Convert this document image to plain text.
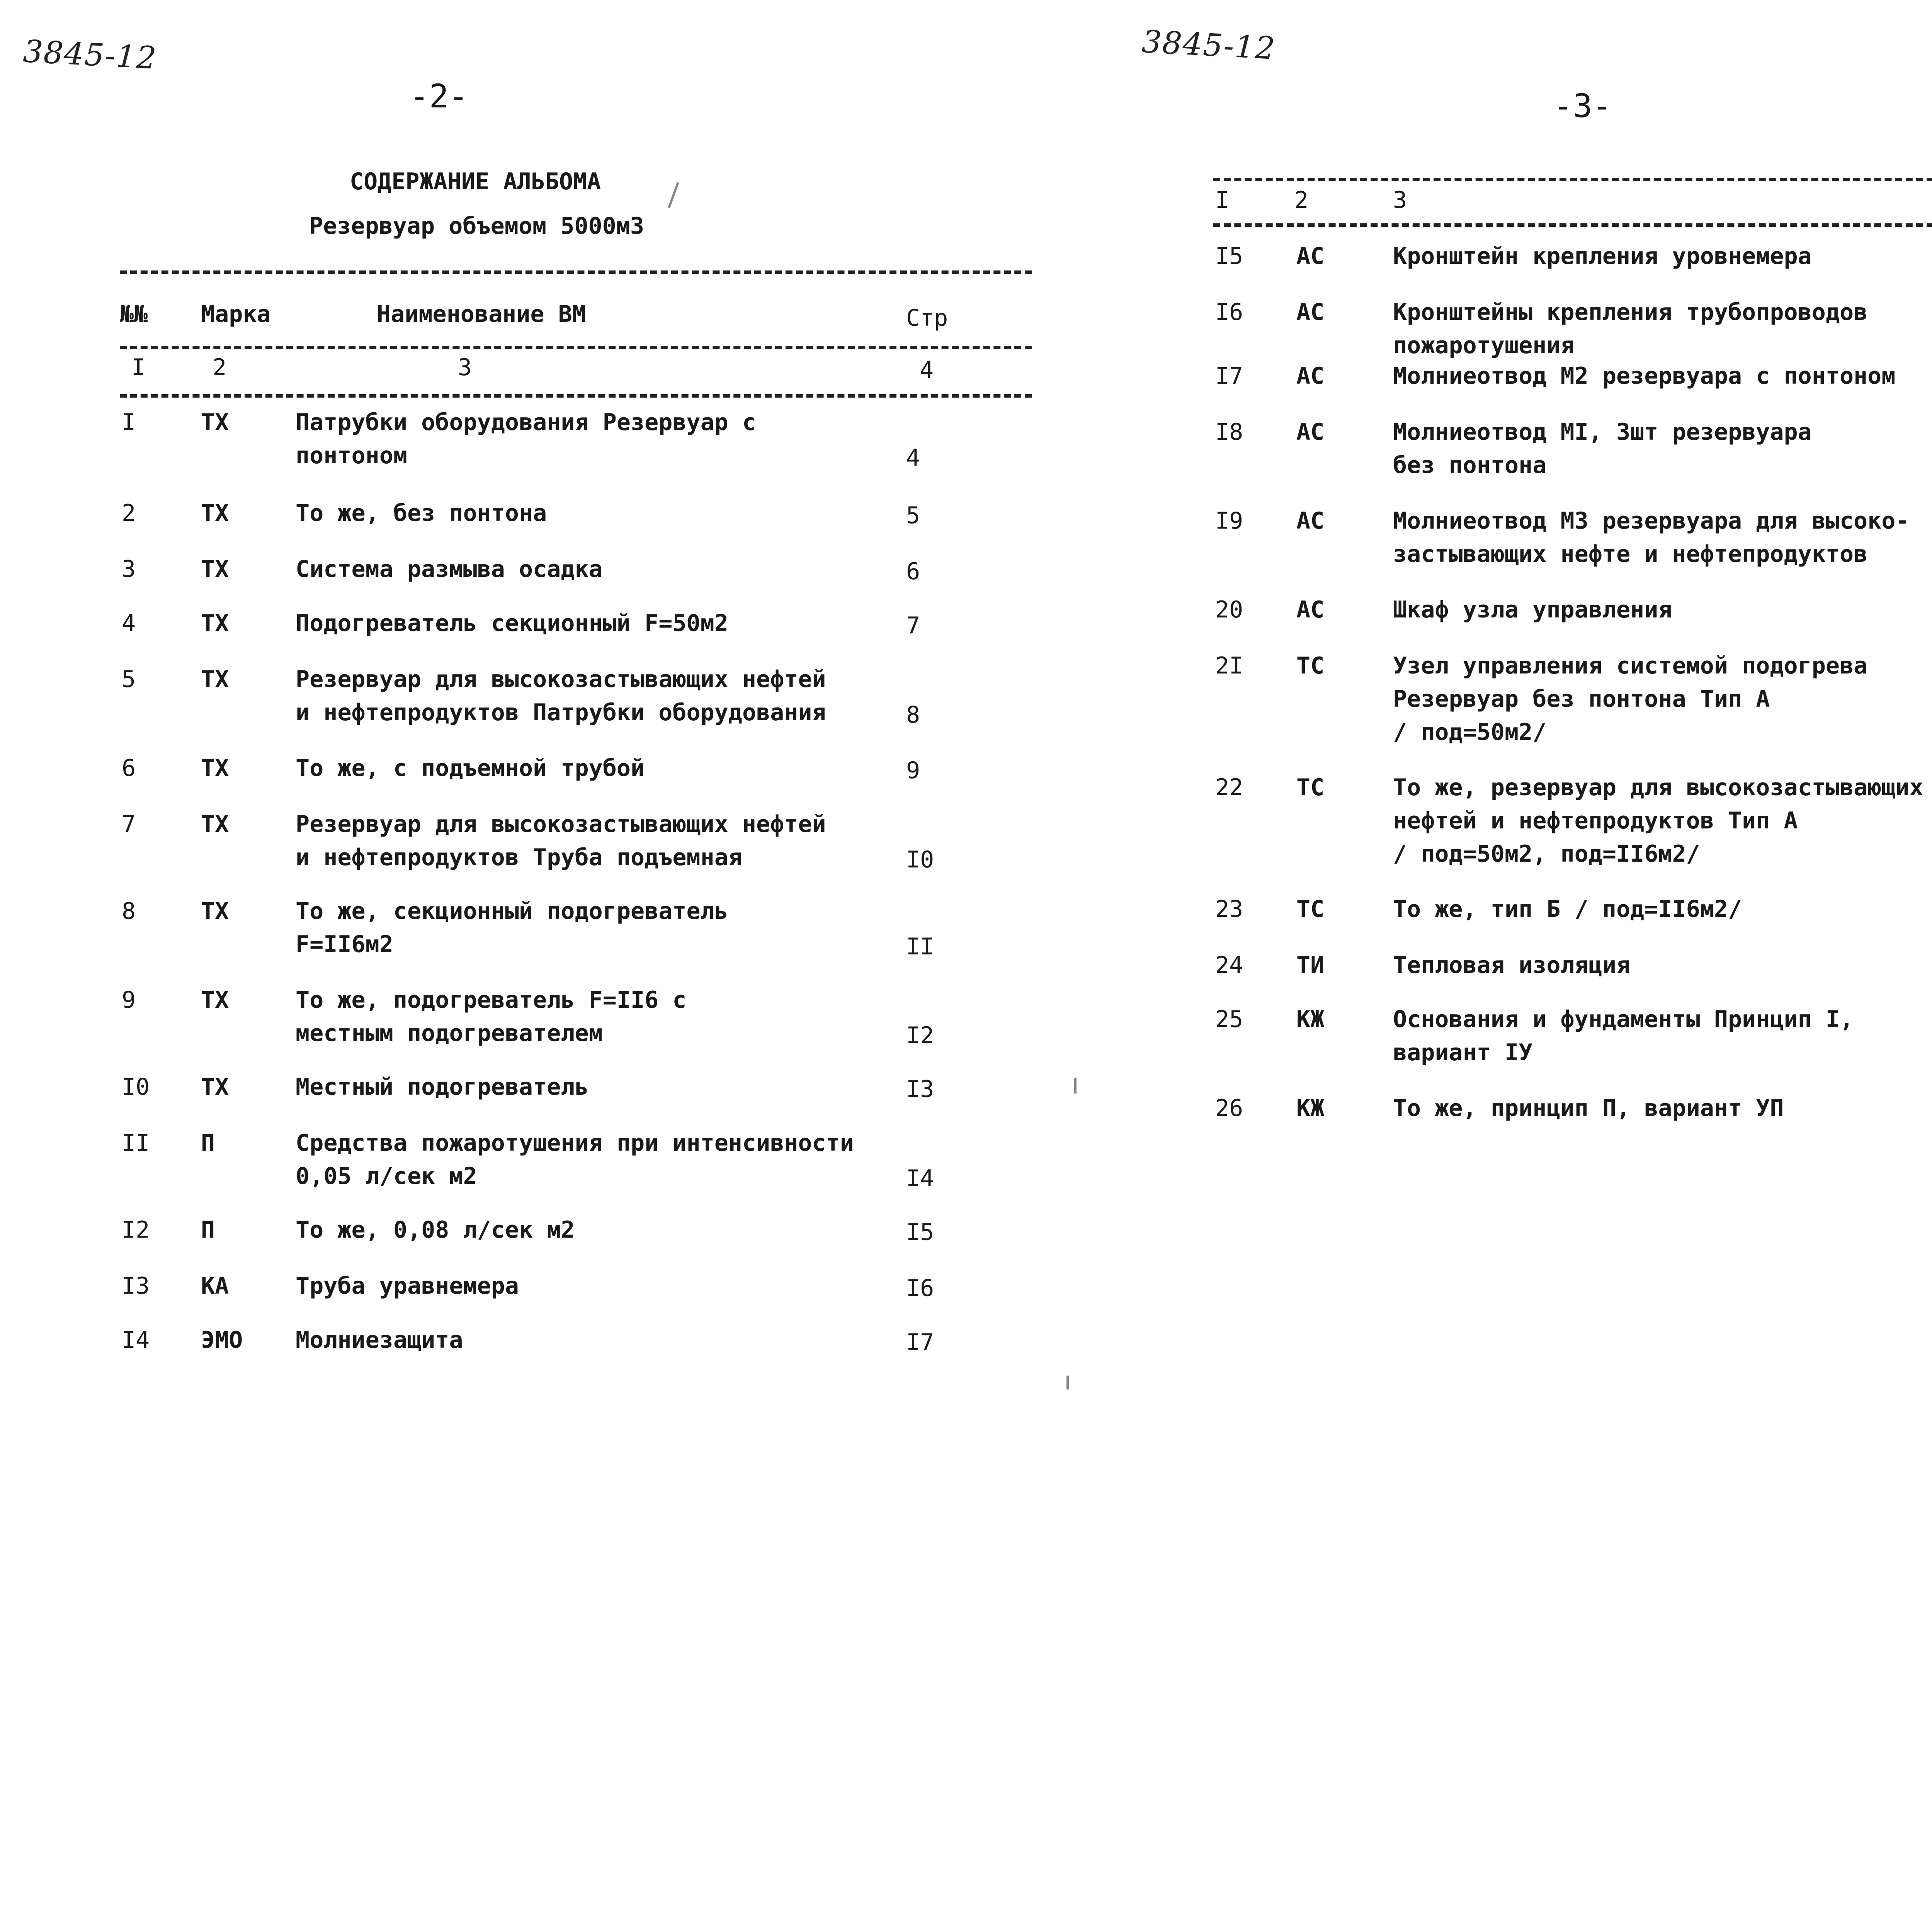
3845-12
-2-
СОДЕРЖАНИЕ АЛЬБОМА
Резервуар объемом 5000м3
№№ Марка	Наименование ВМ	Стр
I	2	3	4
I	ТХ	Патрубки оборудования Резервуар с
понтоном	4
2	ТХ	То же, без понтона	5
3	ТХ	Система размыва осадка	6
4	ТХ	Подогреватель секционный F=50м2	7
5	ТХ	Резервуар для высокозастывающих нефтей
и нефтепродуктов Патрубки оборудования	8
6	ТХ	То же, с подъемной трубой	9
7	ТХ	Резервуар для высокозастывающих нефтей
и нефтепродуктов Труба подъемная	I0
8	ТХ	То же, секционный подогреватель
F=II6м2	II
9	ТХ	То же, подогреватель F=II6 с
местным подогревателем	I2
I0 ТХ	Местный подогреватель	I3
II П	Средства пожаротушения при интенсивности
0,05 л/сек м2	I4
I2 П	То же, 0,08 л/сек м2	I5
I3 КА	Труба уравнемера	I6
I4 ЭМО Молниезащита	I7
3845-12
-3-
I	2	3
I5 АС	Кронштейн крепления уровнемера
I6 АС	Кронштейны крепления трубопроводов
пожаротушения
I7 АС	Молниеотвод М2 резервуара с понтоном
I8 АС	Молниеотвод МI, 3шт резервуара
без понтона
I9 АС	Молниеотвод М3 резервуара для высоко-
застывающих нефте и нефтепродуктов
20 АС	Шкаф узла управления
2I ТС	Узел управления системой подогрева
Резервуар без понтона Тип А
/ под=50м2/
22 ТС	То же, резервуар для высокозастывающих
нефтей и нефтепродуктов Тип А
/ под=50м2, под=II6м2/
23 ТС	То же, тип Б / под=II6м2/
24 ТИ	Тепловая изоляция
25 КЖ	Основания и фундаменты Принцип I,
вариант IУ
26 КЖ	То же, принцип П, вариант УП
